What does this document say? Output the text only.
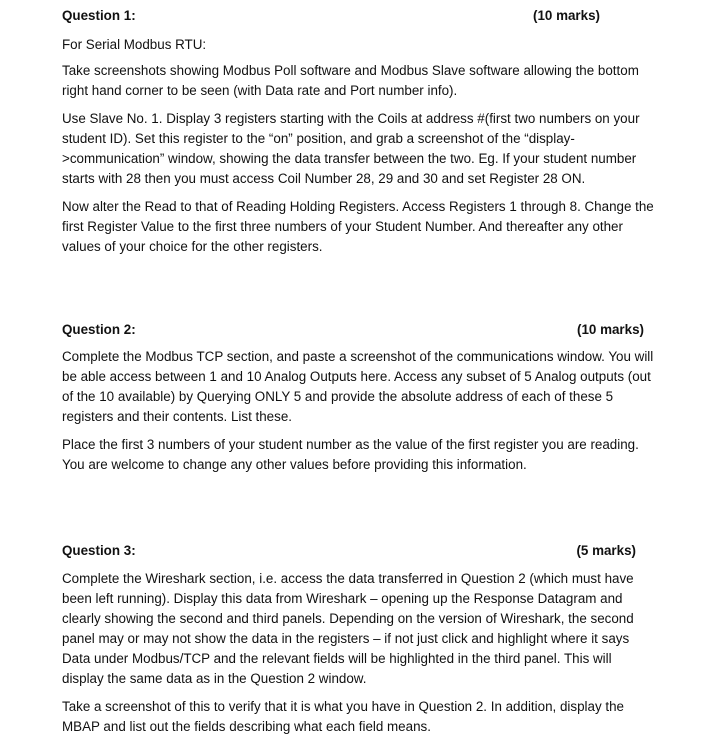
Question 1:	(10 marks)
For Serial Modbus RTU:
Take screenshots showing Modbus Poll software and Modbus Slave software allowing the bottom
right hand corner to be seen (with Data rate and Port number info).
Use Slave No. 1. Display 3 registers starting with the Coils at address #(first two numbers on your
student ID). Set this register to the “on” position, and grab a screenshot of the “display-
>communication” window, showing the data transfer between the two. Eg. If your student number
starts with 28 then you must access Coil Number 28, 29 and 30 and set Register 28 ON.
Now alter the Read to that of Reading Holding Registers. Access Registers 1 through 8. Change the
first Register Value to the first three numbers of your Student Number. And thereafter any other
values of your choice for the other registers.
Question 2:	(10 marks)
Complete the Modbus TCP section, and paste a screenshot of the communications window. You will
be able access between 1 and 10 Analog Outputs here. Access any subset of 5 Analog outputs (out
of the 10 available) by Querying ONLY 5 and provide the absolute address of each of these 5
registers and their contents. List these.
Place the first 3 numbers of your student number as the value of the first register you are reading.
You are welcome to change any other values before providing this information.
Question 3:	(5 marks)
Complete the Wireshark section, i.e. access the data transferred in Question 2 (which must have
been left running). Display this data from Wireshark – opening up the Response Datagram and
clearly showing the second and third panels. Depending on the version of Wireshark, the second
panel may or may not show the data in the registers – if not just click and highlight where it says
Data under Modbus/TCP and the relevant fields will be highlighted in the third panel. This will
display the same data as in the Question 2 window.
Take a screenshot of this to verify that it is what you have in Question 2. In addition, display the
MBAP and list out the fields describing what each field means.
